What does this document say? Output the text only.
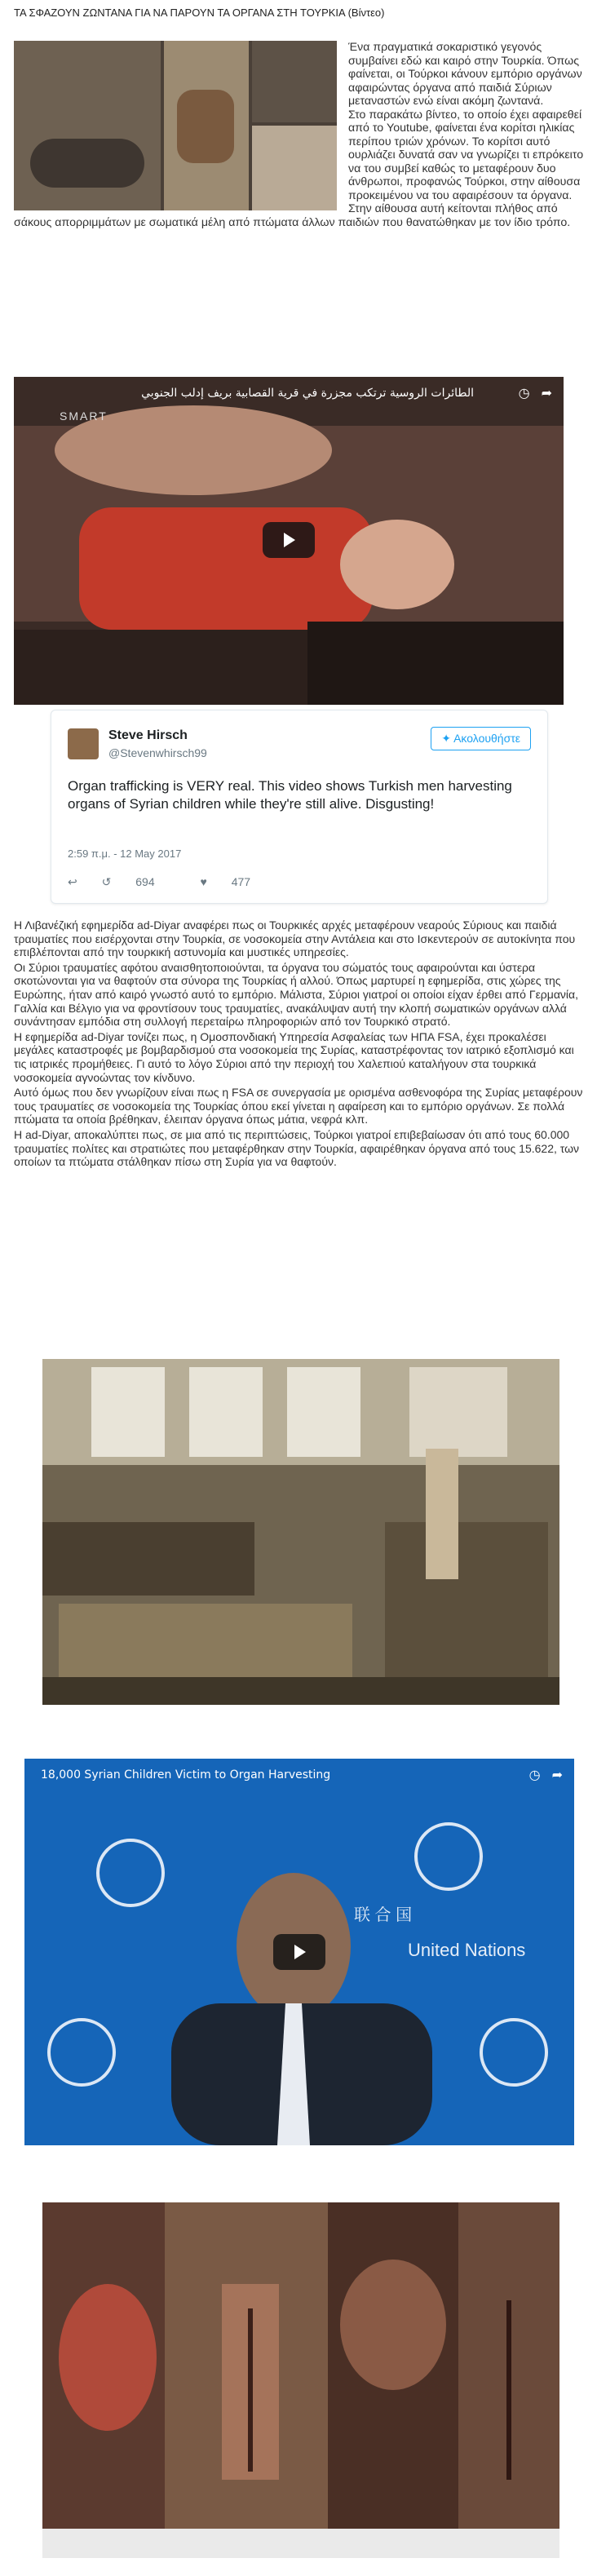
ΤΑ ΣΦΑΖΟΥΝ ΖΩΝΤΑΝΑ ΓΙΑ ΝΑ ΠΑΡΟΥΝ ΤΑ ΟΡΓΑΝΑ ΣΤΗ ΤΟΥΡΚΙΑ (Βίντεο)

Ένα πραγματικά σοκαριστικό γεγονός συμβαίνει εδώ και καιρό στην Τουρκία. Όπως φαίνεται, οι Τούρκοι κάνουν εμπόριο οργάνων αφαιρώντας όργανα από παιδιά Σύριων μεταναστών ενώ είναι ακόμη ζωντανά.

Στο παρακάτω βίντεο, το οποίο έχει αφαιρεθεί από το Youtube, φαίνεται ένα κορίτσι ηλικίας περίπου τριών χρόνων. Το κορίτσι αυτό ουρλιάζει δυνατά σαν να γνωρίζει τι επρόκειτο να του συμβεί καθώς το μεταφέρουν δυο άνθρωποι, προφανώς Τούρκοι, στην αίθουσα προκειμένου να του αφαιρέσουν τα όργανα. Στην αίθουσα αυτή κείτονται πλήθος από σάκους απορριμμάτων με σωματικά μέλη από πτώματα άλλων παιδιών που θανατώθηκαν με τον ίδιο τρόπο.

الطائرات الروسية ترتكب مجزرة في قرية القصابية بريف إدلب الجنوبي
SMART
◷ ➦
Steve Hirsch
@Stevenwhirsch99
✦ Ακολουθήστε
Organ trafficking is VERY real. This video shows Turkish men harvesting organs of Syrian children while they're still alive. Disgusting!
2:59 π.μ. - 12 May 2017
↩ ↺ 694	♥ 477

Η Λιβανέζική εφημερίδα ad-Diyar αναφέρει πως οι Τουρκικές αρχές μεταφέρουν νεαρούς Σύριους και παιδιά τραυματίες που εισέρχονται στην Τουρκία, σε νοσοκομεία στην Αντάλεια και στο Ισκεντερούν σε αυτοκίνητα που επιβλέπονται από την τουρκική αστυνομία και μυστικές υπηρεσίες.

Οι Σύριοι τραυματίες αφότου αναισθητοποιούνται, τα όργανα του σώματός τους αφαιρούνται και ύστερα σκοτώνονται για να θαφτούν στα σύνορα της Τουρκίας ή αλλού. Όπως μαρτυρεί η εφημερίδα, στις χώρες της Ευρώπης, ήταν από καιρό γνωστό αυτό το εμπόριο. Μάλιστα, Σύριοι γιατροί οι οποίοι είχαν έρθει από Γερμανία, Γαλλία και Βέλγιο για να φροντίσουν τους τραυματίες, ανακάλυψαν αυτή την κλοπή σωματικών οργάνων αλλά συνάντησαν εμπόδια στη συλλογή περεταίρω πληροφοριών από τον Τουρκικό στρατό.

Η εφημερίδα ad-Diyar τονίζει πως, η Ομοσπονδιακή Υπηρεσία Ασφαλείας των ΗΠΑ FSA, έχει προκαλέσει μεγάλες καταστροφές με βομβαρδισμού στα νοσοκομεία της Συρίας, καταστρέφοντας τον ιατρικό εξοπλισμό και τις ιατρικές προμήθειες. Γι αυτό το λόγο Σύριοι από την περιοχή του Χαλεπιού καταλήγουν στα τουρκικά νοσοκομεία αγνοώντας τον κίνδυνο.

Αυτό όμως που δεν γνωρίζουν είναι πως η FSA σε συνεργασία με ορισμένα ασθενοφόρα της Συρίας μεταφέρουν τους τραυματίες σε νοσοκομεία της Τουρκίας όπου εκεί γίνεται η αφαίρεση και το εμπόριο οργάνων. Σε πολλά πτώματα τα οποία βρέθηκαν, έλειπαν όργανα όπως μάτια, νεφρά κλπ.

Η ad-Diyar, αποκαλύπτει πως, σε μια από τις περιπτώσεις, Τούρκοι γιατροί επιβεβαίωσαν ότι από τους 60.000 τραυματίες πολίτες και στρατιώτες που μεταφέρθηκαν στην Τουρκία, αφαιρέθηκαν όργανα από τους 15.622, των οποίων τα πτώματα στάλθηκαν πίσω στη Συρία για να θαφτούν.

18,000 Syrian Children Victim to Organ Harvesting
联 合 国
United Nations
◷ ➦
